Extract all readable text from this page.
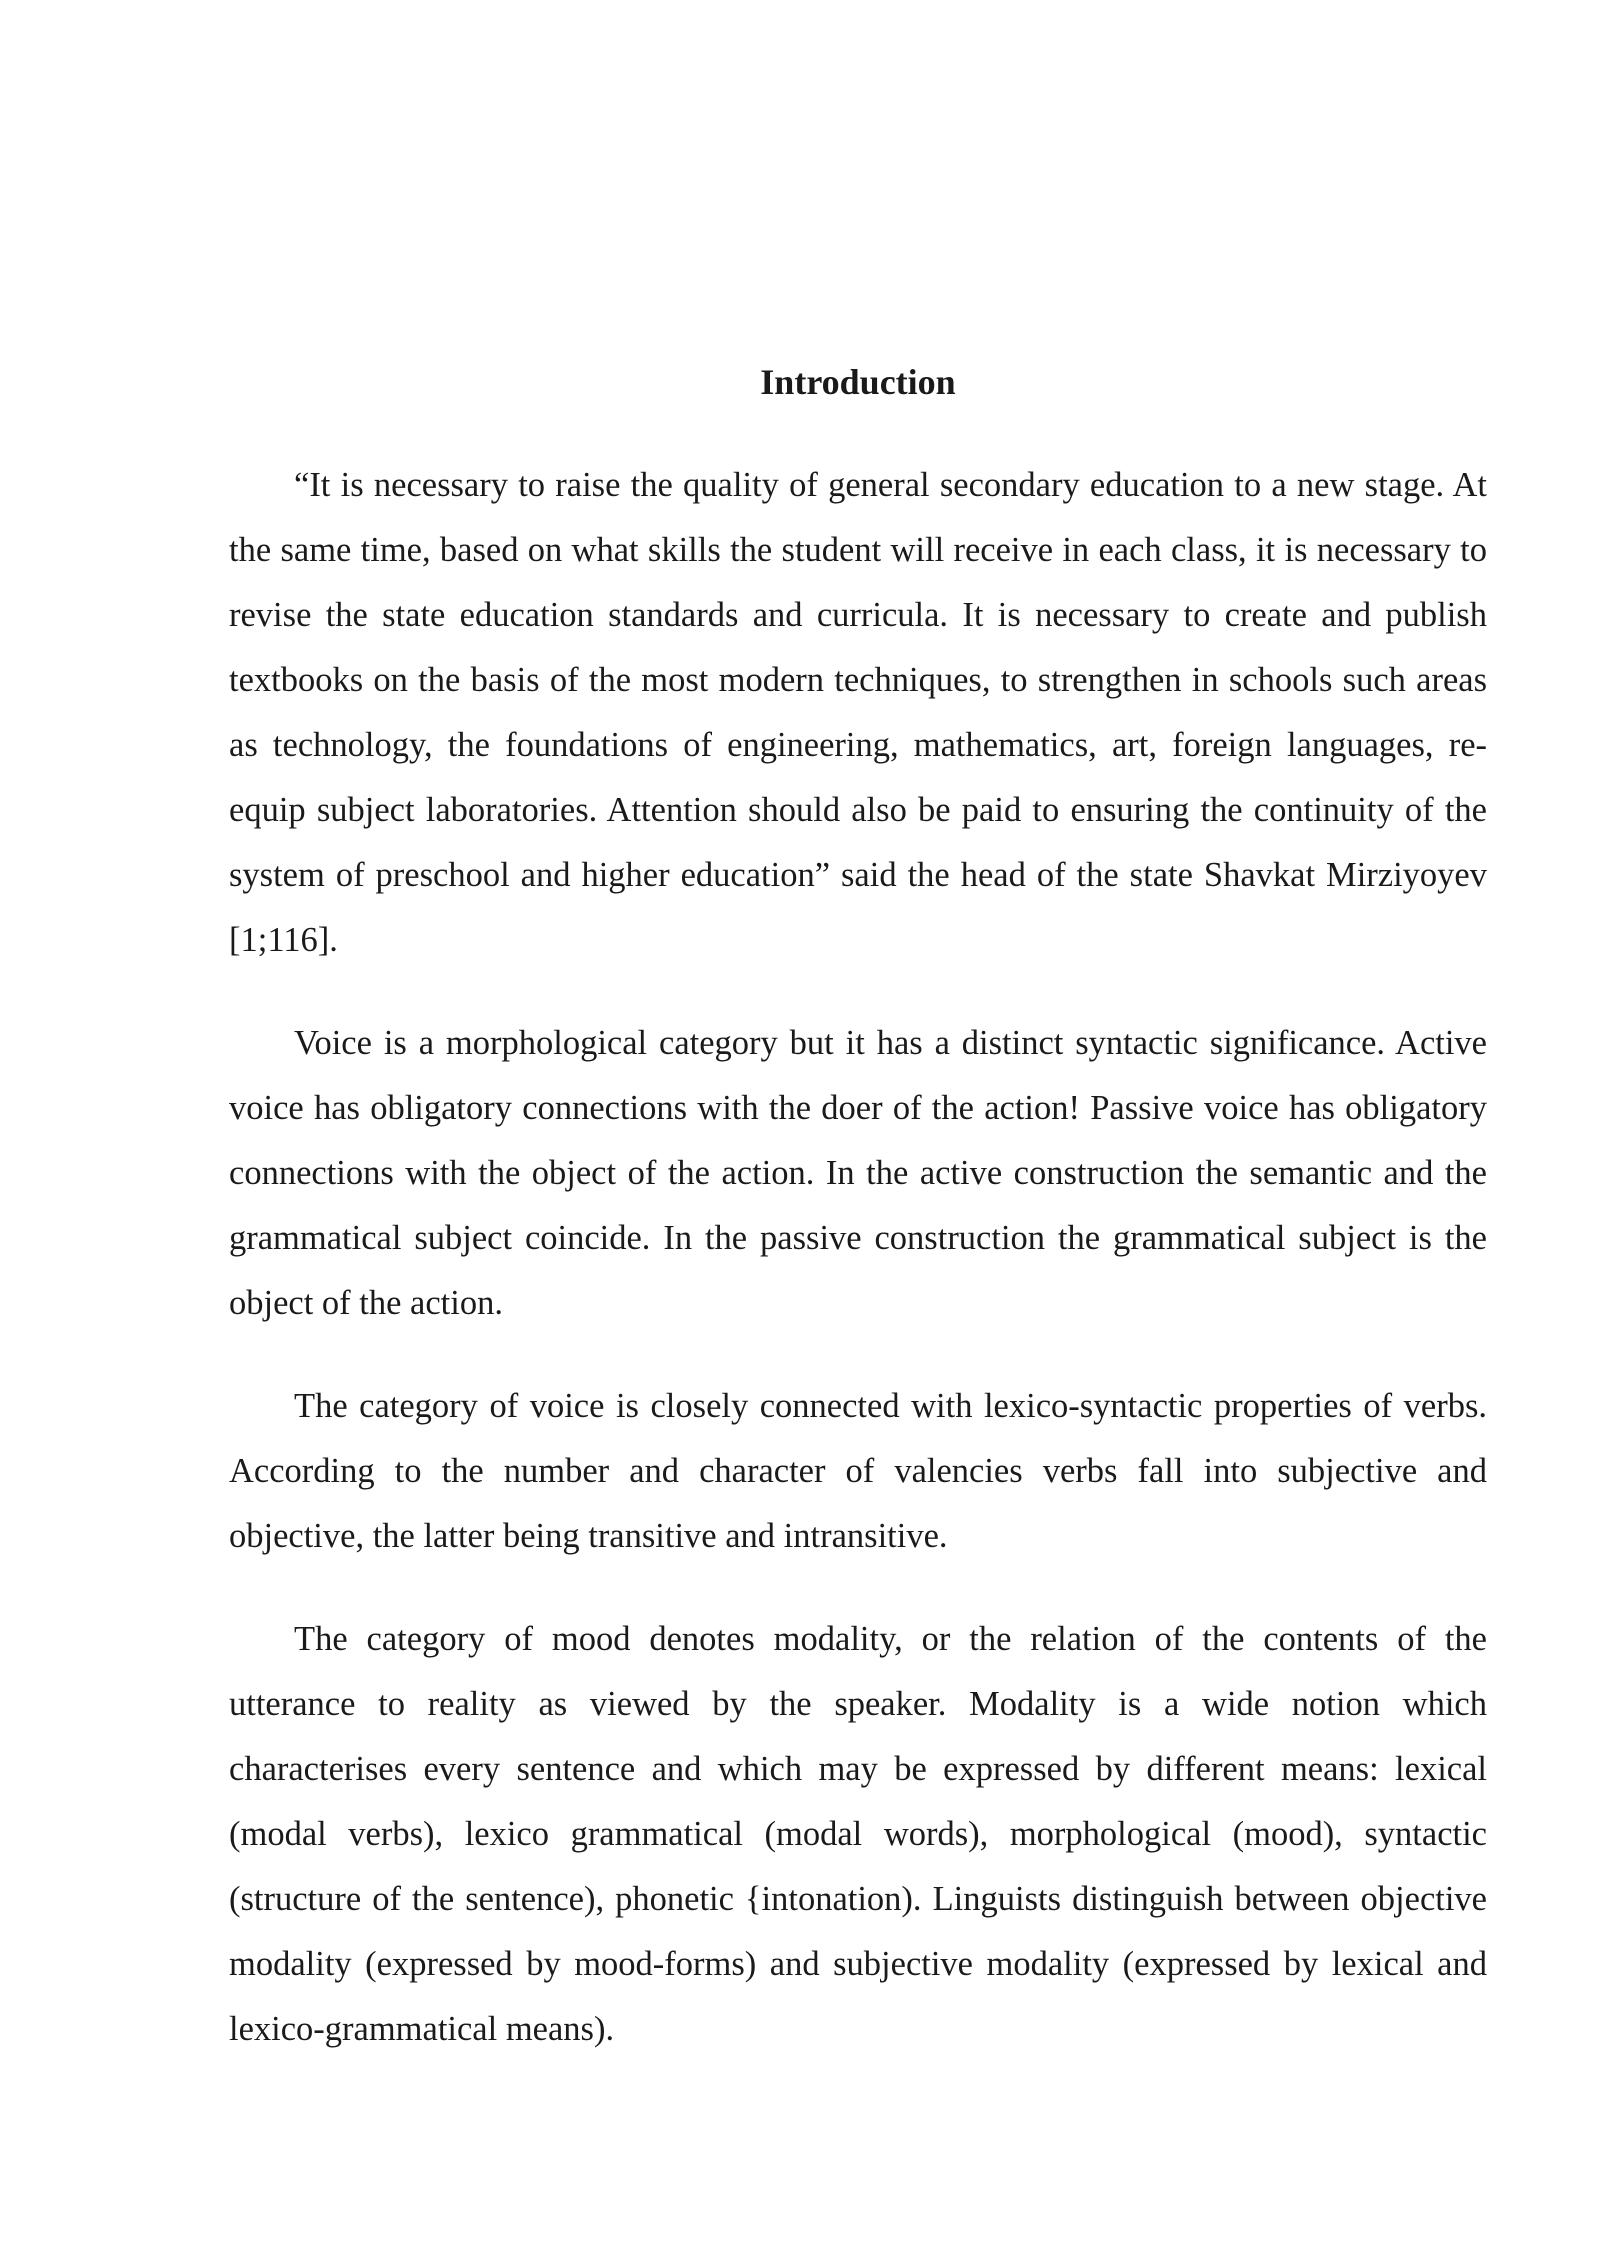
Introduction

“It is necessary to raise the quality of general secondary education to a new stage. At the same time, based on what skills the student will receive in each class, it is necessary to revise the state education standards and curricula. It is necessary to create and publish textbooks on the basis of the most modern techniques, to strengthen in schools such areas as technology, the foundations of engineering, mathematics, art, foreign languages, re-equip subject laboratories. Attention should also be paid to ensuring the continuity of the system of preschool and higher education” said the head of the state Shavkat Mirziyoyev [1;116].

Voice is a morphological category but it has a distinct syntactic significance. Active voice has obligatory connections with the doer of the action! Passive voice has obligatory connections with the object of the action. In the active construction the semantic and the grammatical subject coincide. In the passive construction the grammatical subject is the object of the action.

The category of voice is closely connected with lexico-syntactic properties of verbs. According to the number and character of valencies verbs fall into subjective and objective, the latter being transitive and intransitive.

The category of mood denotes modality, or the relation of the contents of the utterance to reality as viewed by the speaker. Modality is a wide notion which characterises every sentence and which may be expressed by different means: lexical (modal verbs), lexico grammatical (modal words), morphological (mood), syntactic (structure of the sentence), phonetic {intonation). Linguists distinguish between objective modality (expressed by mood-forms) and subjective modality (expressed by lexical and lexico-grammatical means).
